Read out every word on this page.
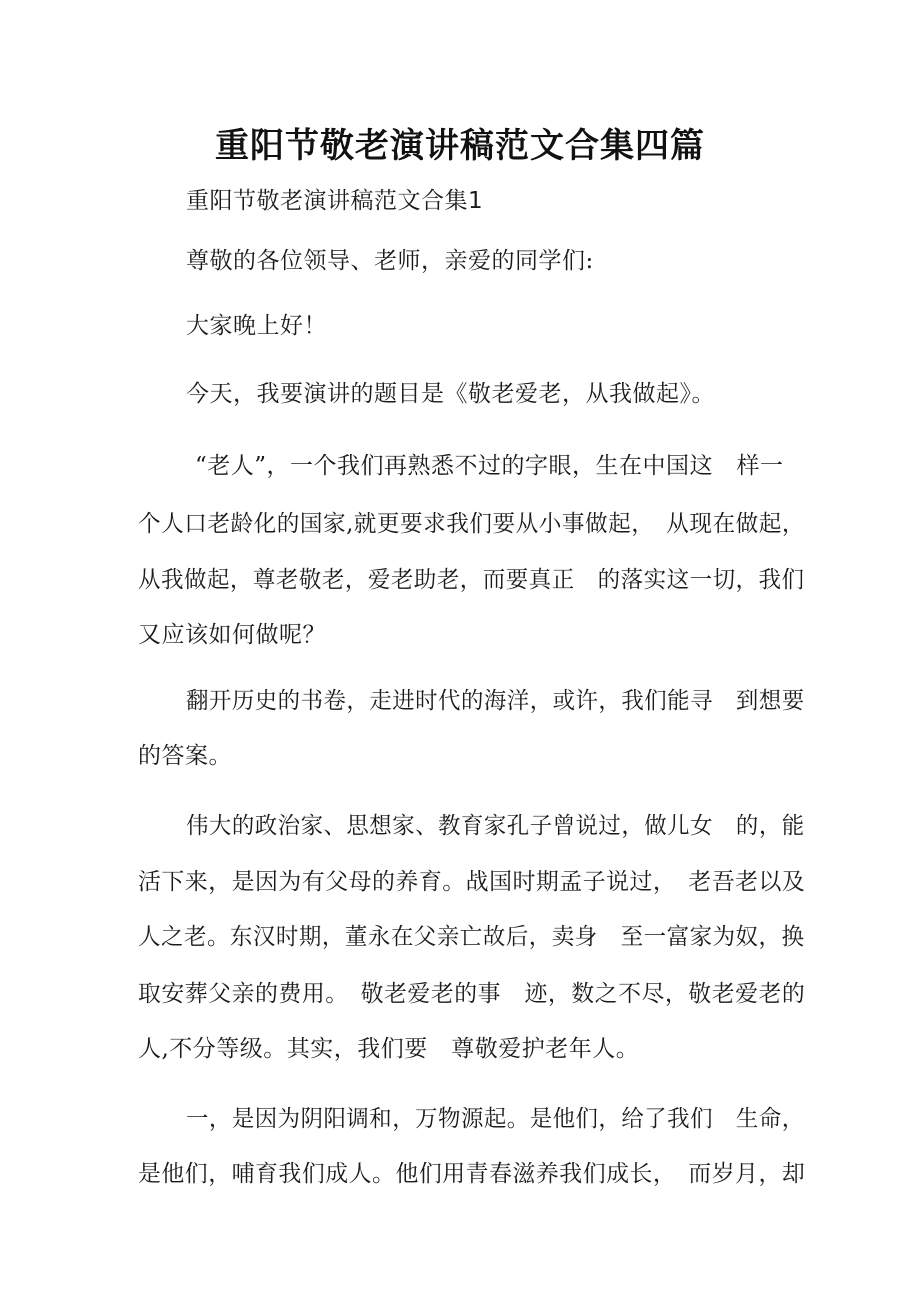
重阳节敬老演讲稿范文合集四篇

重阳节敬老演讲稿范文合集1

尊敬的各位领导、老师，亲爱的同学们:

大家晚上好！

今天，我要演讲的题目是《敬老爱老，从我做起》。

“老人”，一个我们再熟悉不过的字眼，生在中国这　样一

个人口老龄化的国家,就更要求我们要从小事做起，　从现在做起，

从我做起，尊老敬老，爱老助老，而要真正　的落实这一切，我们

又应该如何做呢？

翻开历史的书卷，走进时代的海洋，或许，我们能寻　到想要

的答案。

伟大的政治家、思想家、教育家孔子曾说过，做儿女　的，能

活下来，是因为有父母的养育。战国时期孟子说过，　老吾老以及

人之老。东汉时期，董永在父亲亡故后，卖身　至一富家为奴，换

取安葬父亲的费用。　敬老爱老的事　迹，数之不尽，敬老爱老的

人,不分等级。其实，我们要　尊敬爱护老年人。

一，是因为阴阳调和，万物源起。是他们，给了我们　生命，

是他们，哺育我们成人。他们用青春滋养我们成长，　而岁月，却
